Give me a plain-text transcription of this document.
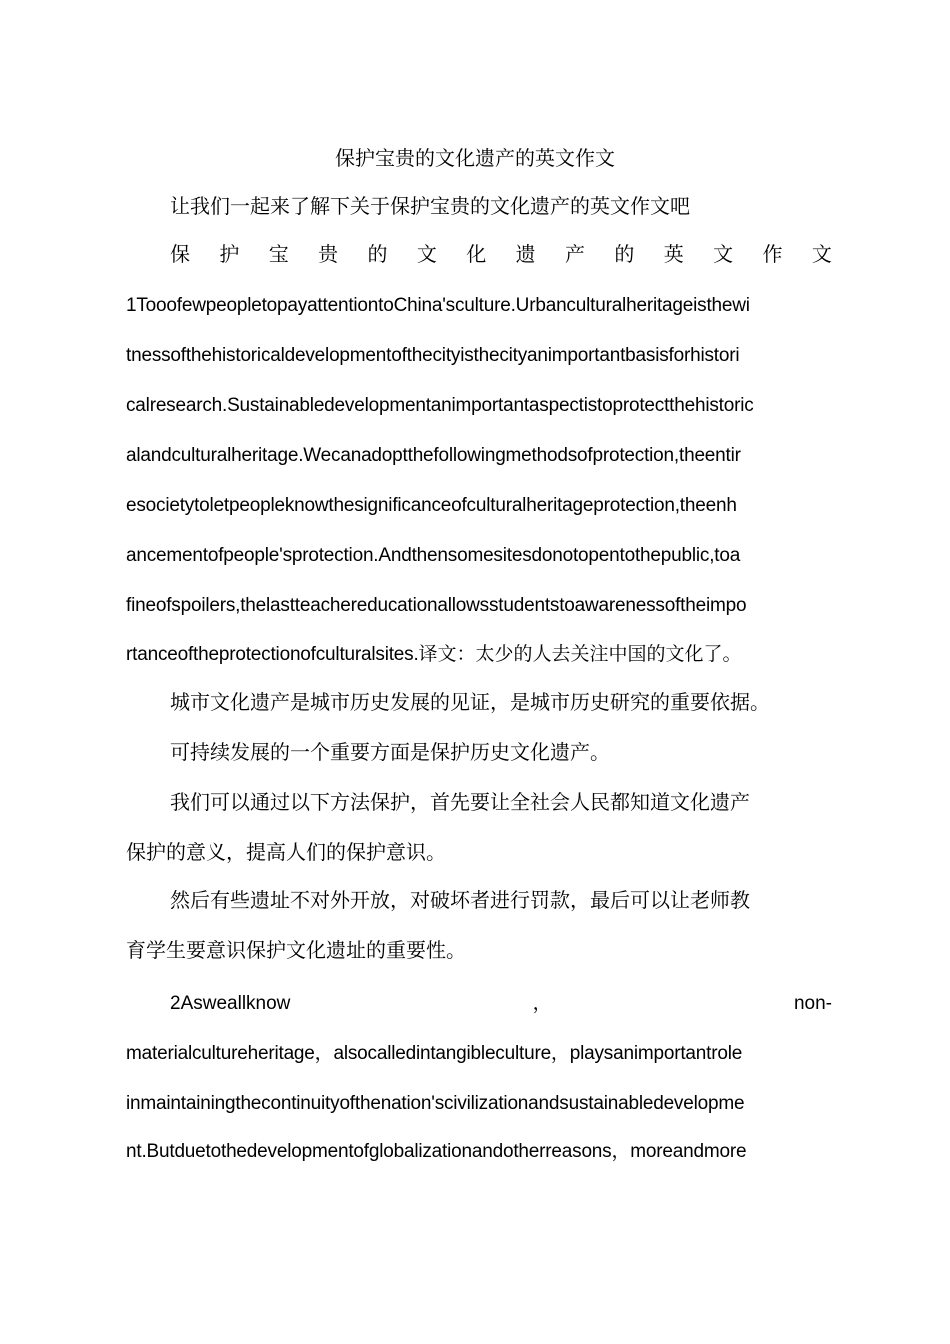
保护宝贵的文化遗产的英文作文
让我们一起来了解下关于保护宝贵的文化遗产的英文作文吧
保 护 宝 贵 的 文 化 遗 产 的 英 文 作 文
1TooofewpeopletopayattentiontoChina'sculture.Urbanculturalheritageisthewi
tnessofthehistoricaldevelopmentofthecityisthecityanimportantbasisforhistori
calresearch.Sustainabledevelopmentanimportantaspectistoprotectthehistoric
alandculturalheritage.Wecanadoptthefollowingmethodsofprotection,theentir
esocietytoletpeopleknowthesignificanceofculturalheritageprotection,theenh
ancementofpeople'sprotection.Andthensomesitesdonotopentothepublic,toa
fineofspoilers,thelastteachereducationallowsstudentstoawarenessoftheimpo
rtanceoftheprotectionofculturalsites.译文：太少的人去关注中国的文化了。
城市文化遗产是城市历史发展的见证，是城市历史研究的重要依据。
可持续发展的一个重要方面是保护历史文化遗产。
我们可以通过以下方法保护，首先要让全社会人民都知道文化遗产
保护的意义，提高人们的保护意识。
然后有些遗址不对外开放，对破坏者进行罚款，最后可以让老师教
育学生要意识保护文化遗址的重要性。
2Asweallknow	，	non-
materialcultureheritage，alsocalledintangibleculture，playsanimportantrole
inmaintainingthecontinuityofthenation'scivilizationandsustainabledevelopme
nt.Butduetothedevelopmentofglobalizationandotherreasons，moreandmore
